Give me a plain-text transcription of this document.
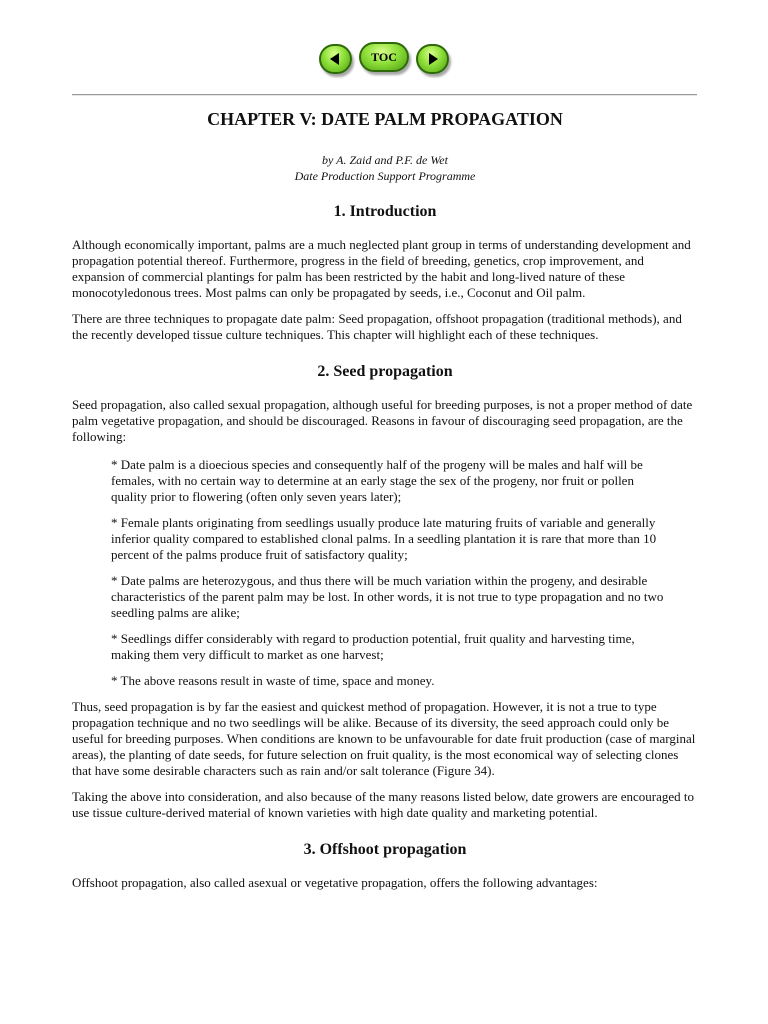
TOC
CHAPTER V: DATE PALM PROPAGATION
by A. Zaid and P.F. de Wet
Date Production Support Programme
1. Introduction

Although economically important, palms are a much neglected plant group in terms of understanding development and propagation potential thereof. Furthermore, progress in the field of breeding, genetics, crop improvement, and expansion of commercial plantings for palm has been restricted by the habit and long-lived nature of these monocotyledonous trees. Most palms can only be propagated by seeds, i.e., Coconut and Oil palm.

There are three techniques to propagate date palm: Seed propagation, offshoot propagation (traditional methods), and the recently developed tissue culture techniques. This chapter will highlight each of these techniques.

2. Seed propagation

Seed propagation, also called sexual propagation, although useful for breeding purposes, is not a proper method of date palm vegetative propagation, and should be discouraged. Reasons in favour of discouraging seed propagation, are the following:

* Date palm is a dioecious species and consequently half of the progeny will be males and half will be females, with no certain way to determine at an early stage the sex of the progeny, nor fruit or pollen quality prior to flowering (often only seven years later);
* Female plants originating from seedlings usually produce late maturing fruits of variable and generally inferior quality compared to established clonal palms. In a seedling plantation it is rare that more than 10 percent of the palms produce fruit of satisfactory quality;
* Date palms are heterozygous, and thus there will be much variation within the progeny, and desirable characteristics of the parent palm may be lost. In other words, it is not true to type propagation and no two seedling palms are alike;
* Seedlings differ considerably with regard to production potential, fruit quality and harvesting time, making them very difficult to market as one harvest;
* The above reasons result in waste of time, space and money.

Thus, seed propagation is by far the easiest and quickest method of propagation. However, it is not a true to type propagation technique and no two seedlings will be alike. Because of its diversity, the seed approach could only be useful for breeding purposes. When conditions are known to be unfavourable for date fruit production (case of marginal areas), the planting of date seeds, for future selection on fruit quality, is the most economical way of selecting clones that have some desirable characters such as rain and/or salt tolerance (Figure 34).

Taking the above into consideration, and also because of the many reasons listed below, date growers are encouraged to use tissue culture-derived material of known varieties with high date quality and marketing potential.

3. Offshoot propagation

Offshoot propagation, also called asexual or vegetative propagation, offers the following advantages:
